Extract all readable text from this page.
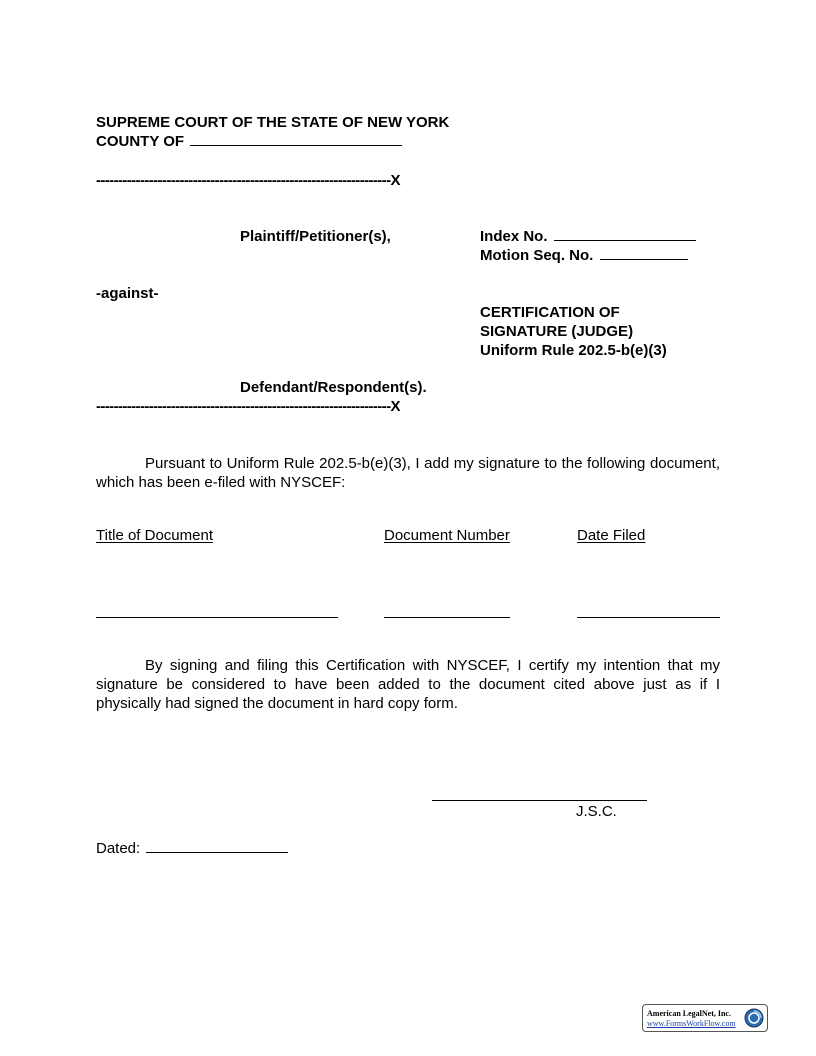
SUPREME COURT OF THE STATE OF NEW YORK
COUNTY OF
-------------------------------------------------------------------X
Plaintiff/Petitioner(s),	Index No.
Motion Seq. No.
-against-
CERTIFICATION OF
SIGNATURE (JUDGE)
Uniform Rule 202.5-b(e)(3)
Defendant/Respondent(s).
-------------------------------------------------------------------X
Pursuant to Uniform Rule 202.5-b(e)(3), I add my signature to the following document, which has been e-filed with NYSCEF:
Title of Document	Document Number	Date Filed
By signing and filing this Certification with NYSCEF, I certify my intention that my signature be considered to have been added to the document cited above just as if I physically had signed the document in hard copy form.
J.S.C.
Dated:
American LegalNet, Inc.
www.FormsWorkFlow.com
